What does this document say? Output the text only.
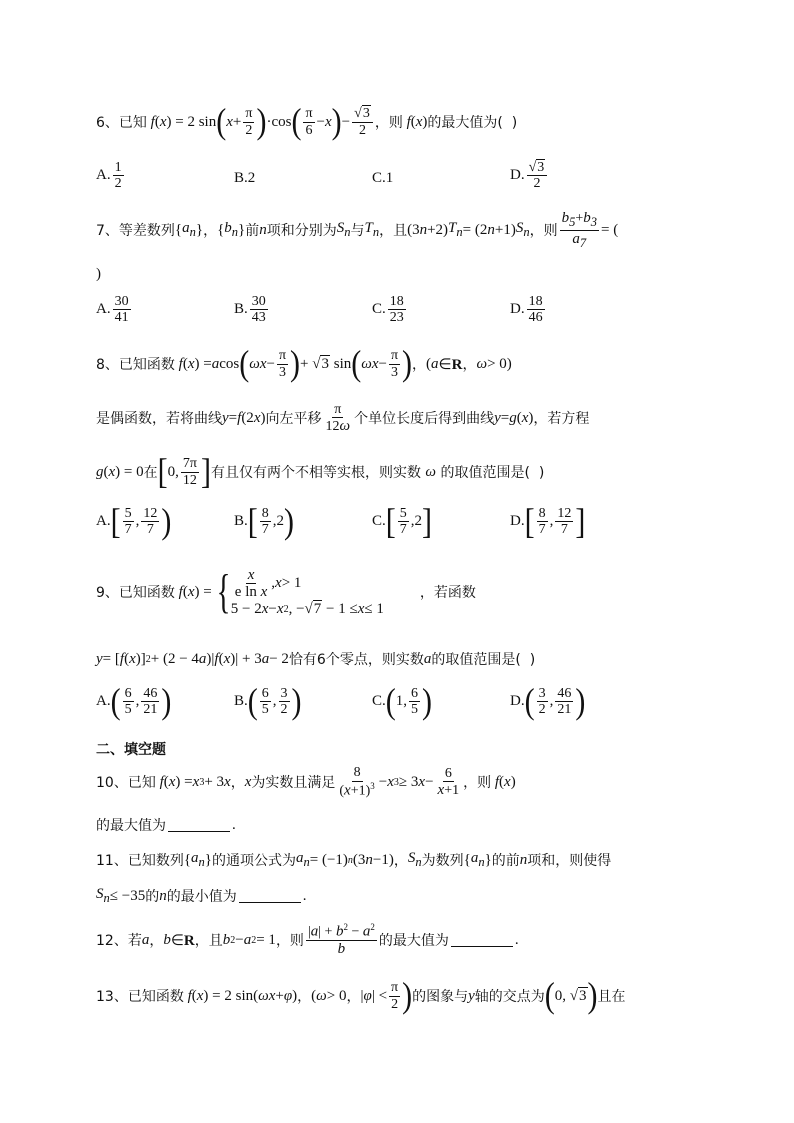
6、已知 f ( x ) = 2 sin ( $x + \frac{\pi}{2}$ ) ·cos ( $\frac{\pi}{6} - x$ ) − $\frac{√3}{2}$ ，则 f ( x ) 的最大值为(  )
A. $\frac{1}{2}$	B.2	C.1	D. $\frac{√3}{2}$
7、等差数列 { $a_n$ } ， { $b_n$ } 前 n 项和分别为 $S_n$ 与 $T_n$ ，且 (3 n +2) $T_n = (2$ n +1) $S_n$ ，则 $\frac{b_5+b_3}{a_7}$ = (
)
A. $\frac{30}{41}$	B. $\frac{30}{43}$	C. $\frac{18}{23}$	D. $\frac{18}{46}$
8、已知函数 f ( x ) = a cos ( $\omega x - \frac{\pi}{3}$ ) + √3 sin ( $\omega x - \frac{\pi}{3}$ ) ， ( a ∈R ， ω > 0)
是偶函数，若将曲线 y = f (2 x ) 向左平移 $\frac{\pi}{12\omega}$ 个单位长度后得到曲线 y = g ( x ) ，若方程
g ( x ) = 0 在 [ 0, $\frac{7\pi}{12}$ ] 有且仅有两个不相等实根，则实数 ω 的取值范围是(  )
A. [ $\frac{5}{7}$ , $\frac{12}{7}$ )	B. [ $\frac{8}{7} ,2$ )	C. [ $\frac{5}{7} ,2$ ]	D. [ $\frac{8}{7}$ , $\frac{12}{7}$ ]
9、已知函数 f ( x ) = { $\frac{x}{\text{e ln x}}$ , x > 1
5 − 2 x − x 2 , −√7 − 1 ≤ x ≤ 1
，若函数
y = [ f ( x )] 2 + (2 − 4 a )| f ( x )| + 3 a − 2 恰有6个零点，则实数 a 的取值范围是(  )
A. ( $\frac{6}{5}$ , $\frac{46}{21}$ )	B. ( $\frac{6}{5}$ , $\frac{3}{2}$ )	C. ( 1, $\frac{6}{5}$ )	D. ( $\frac{3}{2}$ , $\frac{46}{21}$ )
二、填空题
10、已知 f ( x ) = x 3 + 3 x ， x 为实数且满足 $\frac{8}{(x+1)^3} - x$ 3 ≥ 3 $x - \frac{6}{x+1}$ ，则 f ( x )
的最大值为	.
11、已知数列 { $a_n$ } 的通项公式为 $a_n = (-1)$ n (3 n −1) ， $S_n$ 为数列 { $a_n$ } 的前 n 项和，则使得
$S_n \le -35$ 的 n 的最小值为	.
12、若 a ， b ∈R ，且 b 2 − a 2 = 1 ，则 $\frac{|a| + b^2 - a^2}{b}$ 的最大值为	.
13、已知函数 f ( x ) = 2 sin( ωx + φ ) ， ( ω > 0 ， | φ | < $\frac{\pi}{2}$ ) 的图象与 y 轴的交点为 ( 0, √3 ) 且在
